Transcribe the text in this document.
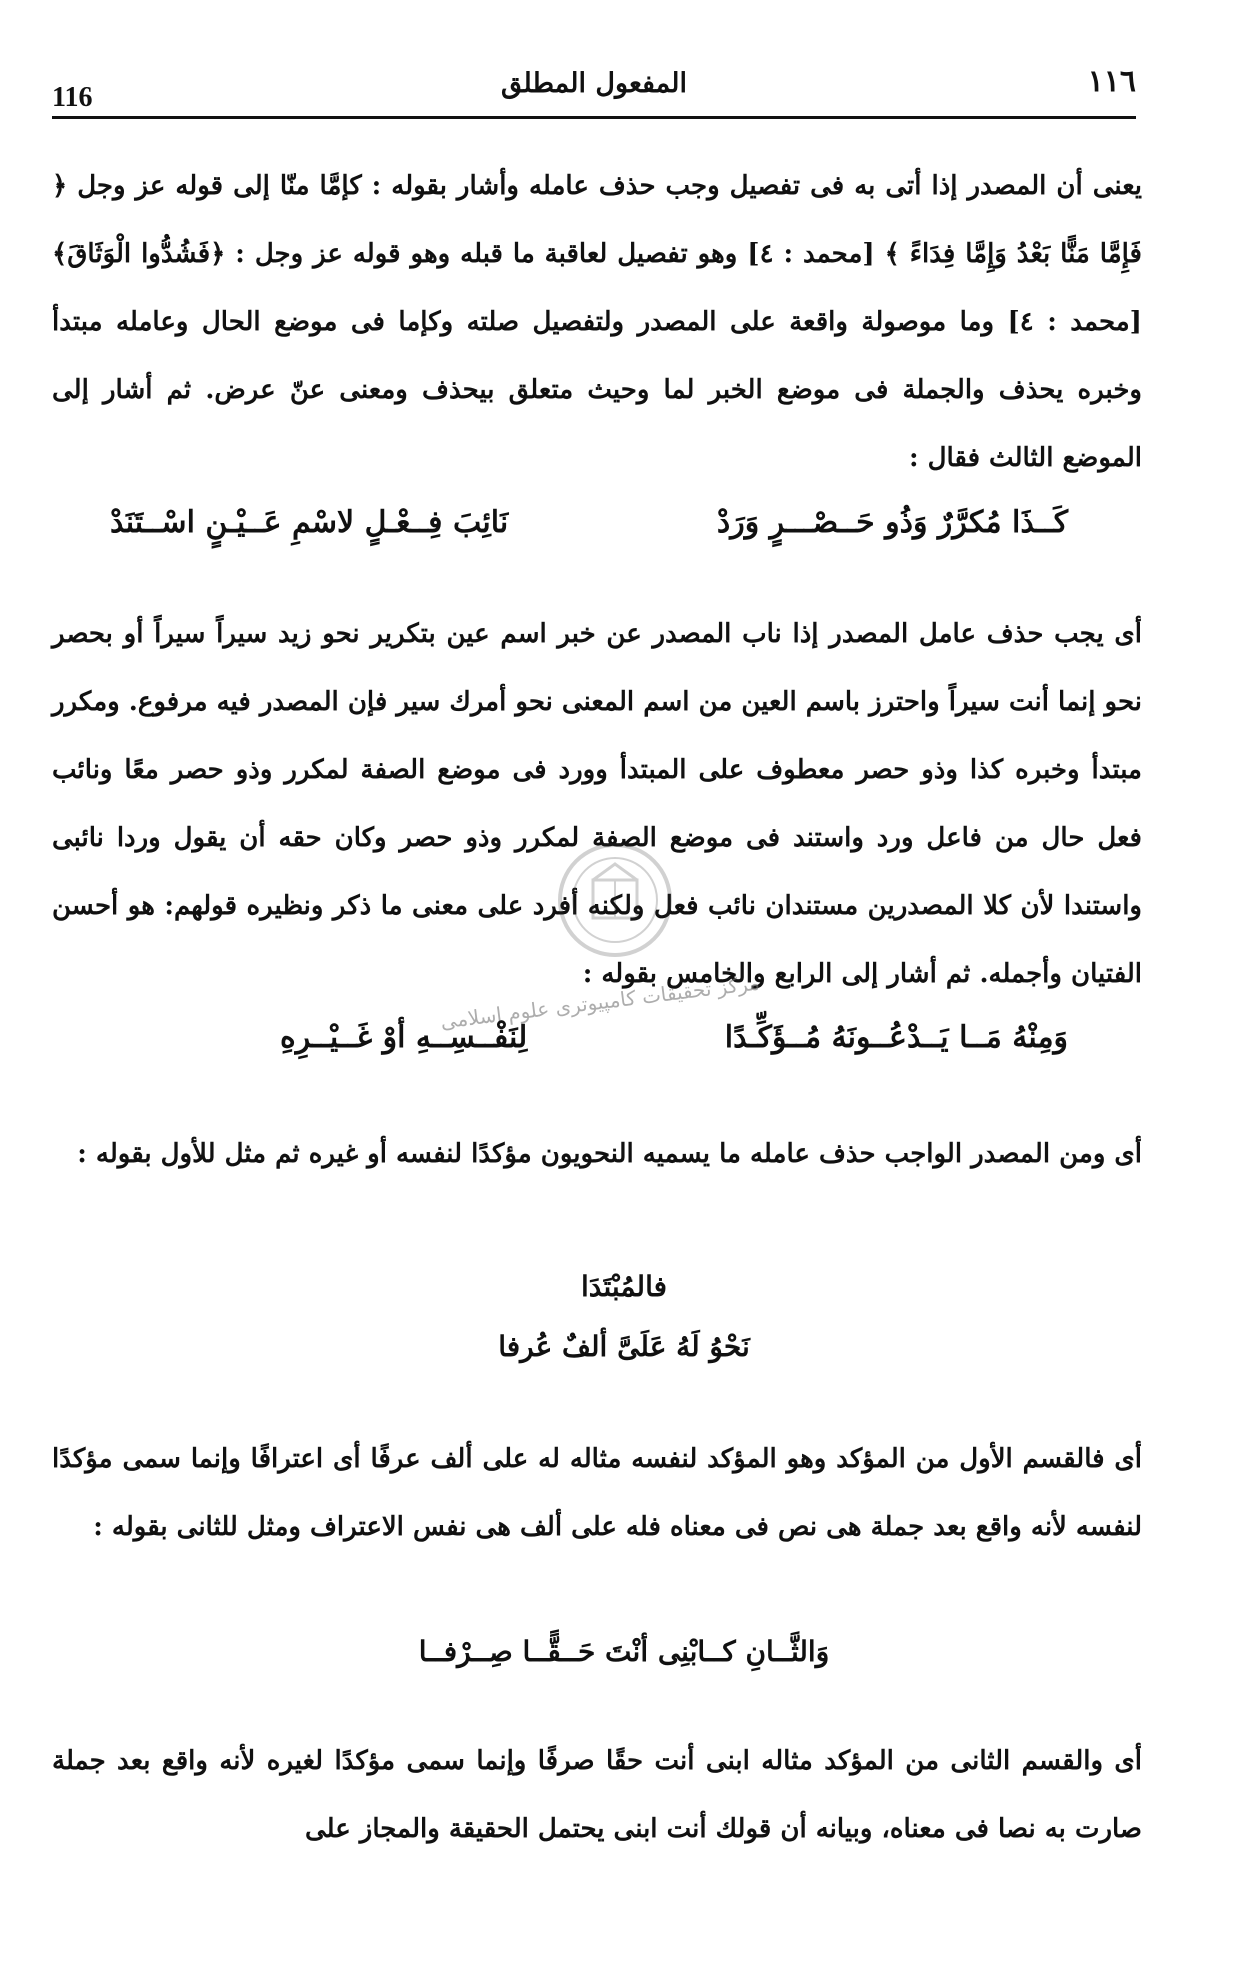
116	المفعول المطلق	١١٦
يعنى أن المصدر إذا أتى به فى تفصيل وجب حذف عامله وأشار بقوله : كإمَّا منّا إلى قوله عز وجل ﴿ فَإِمَّا مَنًّا بَعْدُ وَإِمَّا فِدَاءً ﴾ [محمد : ٤] وهو تفصيل لعاقبة ما قبله وهو قوله عز وجل : ﴿فَشُدُّوا الْوَثَاقَ﴾ [محمد : ٤] وما موصولة واقعة على المصدر ولتفصيل صلته وكإما فى موضع الحال وعامله مبتدأ وخبره يحذف والجملة فى موضع الخبر لما وحيث متعلق بيحذف ومعنى عنّ عرض. ثم أشار إلى الموضع الثالث فقال :
كَــذَا مُكرَّرٌ وَذُو حَــصْـــرٍ وَرَدْ
نَائِبَ فِــعْـلٍ لاسْمِ عَــيْـنٍ اسْــتَنَدْ
أى يجب حذف عامل المصدر إذا ناب المصدر عن خبر اسم عين بتكرير نحو زيد سيراً سيراً أو بحصر نحو إنما أنت سيراً واحترز باسم العين من اسم المعنى نحو أمرك سير فإن المصدر فيه مرفوع. ومكرر مبتدأ وخبره كذا وذو حصر معطوف على المبتدأ وورد فى موضع الصفة لمكرر وذو حصر معًا ونائب فعل حال من فاعل ورد واستند فى موضع الصفة لمكرر وذو حصر وكان حقه أن يقول وردا نائبى واستندا لأن كلا المصدرين مستندان نائب فعل ولكنه أفرد على معنى ما ذكر ونظيره قولهم: هو أحسن الفتيان وأجمله. ثم أشار إلى الرابع والخامس بقوله :
مركز تحقيقات كامپيوترى علوم اسلامى
وَمِنْهُ مَــا يَــدْعُــونَهُ مُــؤَكِّـدًا
لِنَفْــسِــهِ أوْ غَــيْــرِهِ
أى ومن المصدر الواجب حذف عامله ما يسميه النحويون مؤكدًا لنفسه أو غيره ثم مثل للأول بقوله :
فالمُبْتَدَا
نَحْوُ لَهُ عَلَىَّ ألفٌ عُرفا
أى فالقسم الأول من المؤكد وهو المؤكد لنفسه مثاله له على ألف عرفًا أى اعترافًا وإنما سمى مؤكدًا لنفسه لأنه واقع بعد جملة هى نص فى معناه فله على ألف هى نفس الاعتراف ومثل للثانى بقوله :
وَالثَّــانِ كــابْنِى أنْتَ حَــقًّــا صِــرْفــا
أى والقسم الثانى من المؤكد مثاله ابنى أنت حقًا صرفًا وإنما سمى مؤكدًا لغيره لأنه واقع بعد جملة صارت به نصا فى معناه، وبيانه أن قولك أنت ابنى يحتمل الحقيقة والمجاز على
